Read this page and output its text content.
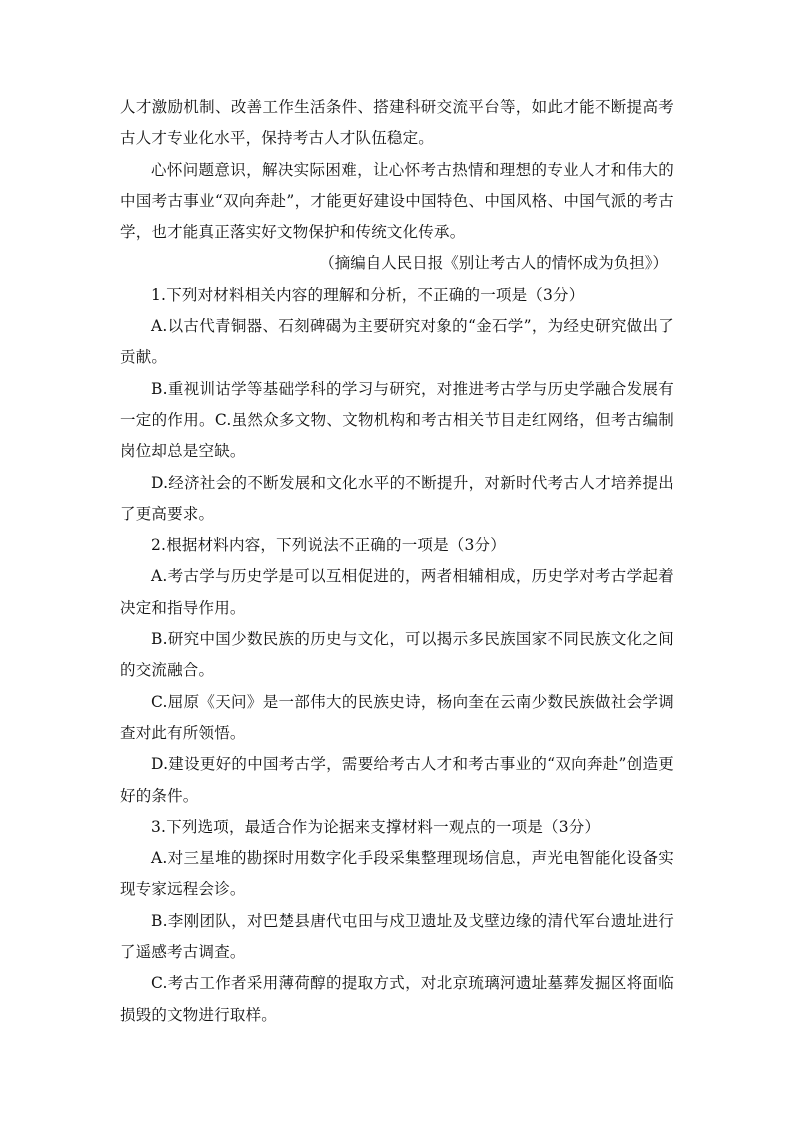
人才激励机制、改善工作生活条件、搭建科研交流平台等，如此才能不断提高考古人才专业化水平，保持考古人才队伍稳定。

心怀问题意识，解决实际困难，让心怀考古热情和理想的专业人才和伟大的中国考古事业“双向奔赴”，才能更好建设中国特色、中国风格、中国气派的考古学，也才能真正落实好文物保护和传统文化传承。

（摘编自人民日报《别让考古人的情怀成为负担》）

1.下列对材料相关内容的理解和分析，不正确的一项是（3分）

A.以古代青铜器、石刻碑碣为主要研究对象的“金石学”，为经史研究做出了贡献。

B.重视训诂学等基础学科的学习与研究，对推进考古学与历史学融合发展有一定的作用。C.虽然众多文物、文物机构和考古相关节目走红网络，但考古编制岗位却总是空缺。

D.经济社会的不断发展和文化水平的不断提升，对新时代考古人才培养提出了更高要求。

2.根据材料内容，下列说法不正确的一项是（3分）

A.考古学与历史学是可以互相促进的，两者相辅相成，历史学对考古学起着决定和指导作用。

B.研究中国少数民族的历史与文化，可以揭示多民族国家不同民族文化之间的交流融合。

C.屈原《天问》是一部伟大的民族史诗，杨向奎在云南少数民族做社会学调查对此有所领悟。

D.建设更好的中国考古学，需要给考古人才和考古事业的“双向奔赴”创造更好的条件。

3.下列选项，最适合作为论据来支撑材料一观点的一项是（3分）

A.对三星堆的勘探时用数字化手段采集整理现场信息，声光电智能化设备实现专家远程会诊。

B.李刚团队，对巴楚县唐代屯田与戍卫遗址及戈壁边缘的清代军台遗址进行了遥感考古调查。

C.考古工作者采用薄荷醇的提取方式，对北京琉璃河遗址墓葬发掘区将面临损毁的文物进行取样。
